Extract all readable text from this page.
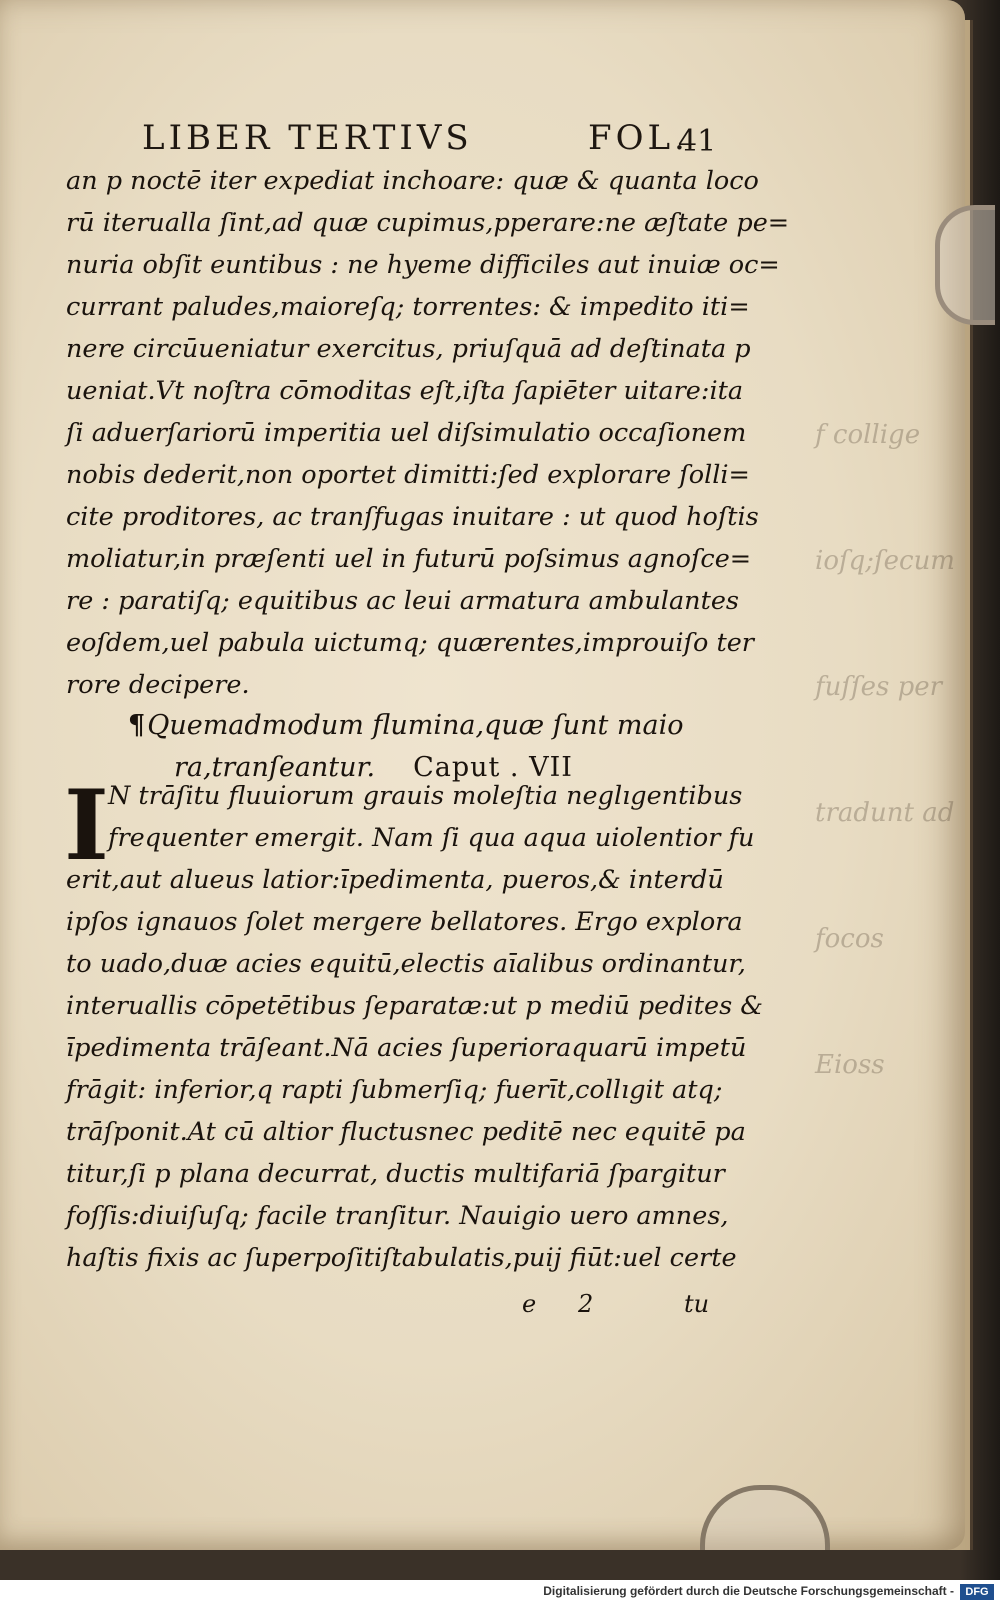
f collige

ioſq;ſecum

fuſſes per

tradunt ad

focos

Eioss

LIBER TERTIVS	FOL.
41
an p noctē iter expediat inchoare: quæ & quanta loco
rū iterualla ſint,ad quæ cupimus,pperare:ne æſtate pe=
nuria obſit euntibus : ne hyeme difficiles aut inuiæ oc=
currant paludes,maioreſq; torrentes: & impedito iti=
nere circūueniatur exercitus, priuſquā ad deſtinata p
ueniat.Vt noſtra cōmoditas eſt,iſta ſapiēter uitare:ita
ſi aduerſariorū imperitia uel diſsimulatio occaſionem
nobis dederit,non oportet dimitti:ſed explorare ſolli=
cite proditores, ac tranſfugas inuitare : ut quod hoſtis
moliatur,in præſenti uel in futurū poſsimus agnoſce=
re : paratiſq; equitibus ac leui armatura ambulantes
eoſdem,uel pabula uictumq; quærentes,improuiſo ter
rore decipere.
¶Quemadmodum flumina,quæ ſunt maio
ra,tranſeantur. Caput . VII
I N trāſitu fluuiorum grauis moleſtia neglıgentibus
frequenter emergit. Nam ſi qua aqua uiolentior fu
erit,aut alueus latior:īpedimenta, pueros,& interdū
ipſos ignauos ſolet mergere bellatores. Ergo explora
to uado,duæ acies equitū,electis aīalibus ordinantur,
interuallis cōpetētibus ſeparatæ:ut p mediū pedites &
īpedimenta trāſeant.Nā acies ſuperioraquarū impetū
frāgit: inferior,q rapti ſubmerſiq; fuerīt,collıgit atq;
trāſponit.At cū altior fluctusnec peditē nec equitē pa
titur,ſi p plana decurrat, ductis multifariā ſpargitur
foſſis:diuiſuſq; facile tranſitur. Nauigio uero amnes,
haſtis fixis ac ſuperpoſitiſtabulatis,puij fiūt:uel certe
e 2	tu
Digitalisierung gefördert durch die Deutsche Forschungsgemeinschaft -	DFG
